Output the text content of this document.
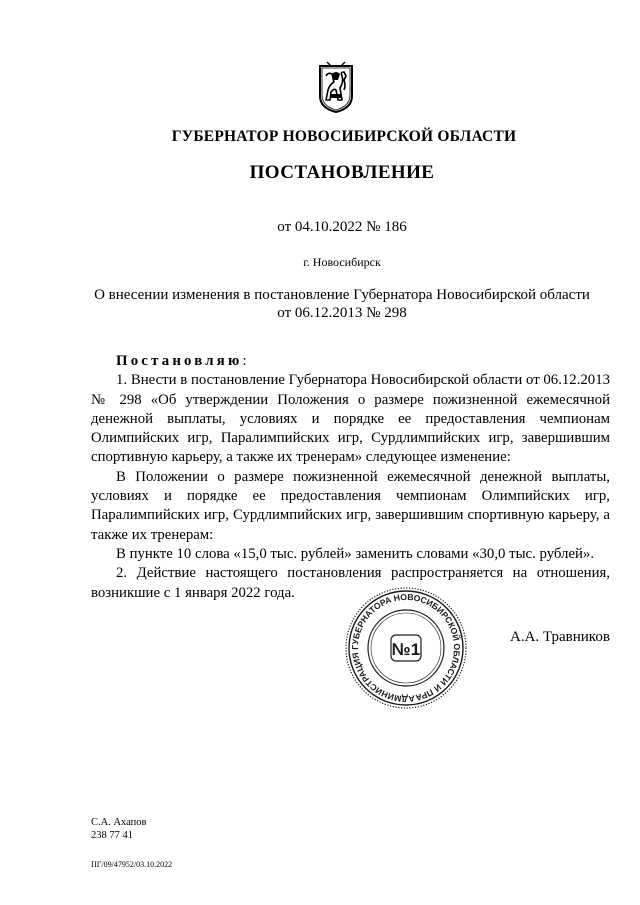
ГУБЕРНАТОР НОВОСИБИРСКОЙ ОБЛАСТИ
ПОСТАНОВЛЕНИЕ
от 04.10.2022 № 186
г. Новосибирск
О внесении изменения в постановление Губернатора Новосибирской области
от 06.12.2013 № 298

Постановляю:

1. Внести в постановление Губернатора Новосибирской области от 06.12.2013 № 298 «Об утверждении Положения о размере пожизненной ежемесячной денежной выплаты, условиях и порядке ее предоставления чемпионам Олимпийских игр, Паралимпийских игр, Сурдлимпийских игр, завершившим спортивную карьеру, а также их тренерам» следующее изменение:

В Положении о размере пожизненной ежемесячной денежной выплаты, условиях и порядке ее предоставления чемпионам Олимпийских игр, Паралимпийских игр, Сурдлимпийских игр, завершившим спортивную карьеру, а также их тренерам:

В пункте 10 слова «15,0 тыс. рублей» заменить словами «30,0 тыс. рублей».

2. Действие настоящего постановления распространяется на отношения, возникшие с 1 января 2022 года.

АДМИНИСТРАЦИЯ ГУБЕРНАТОРА НОВОСИБИРСКОЙ ОБЛАСТИ И ПРАВИТЕЛЬСТВА
№1
А.А. Травников
С.А. Ахапов
238 77 41
ПГ/09/47952/03.10.2022
